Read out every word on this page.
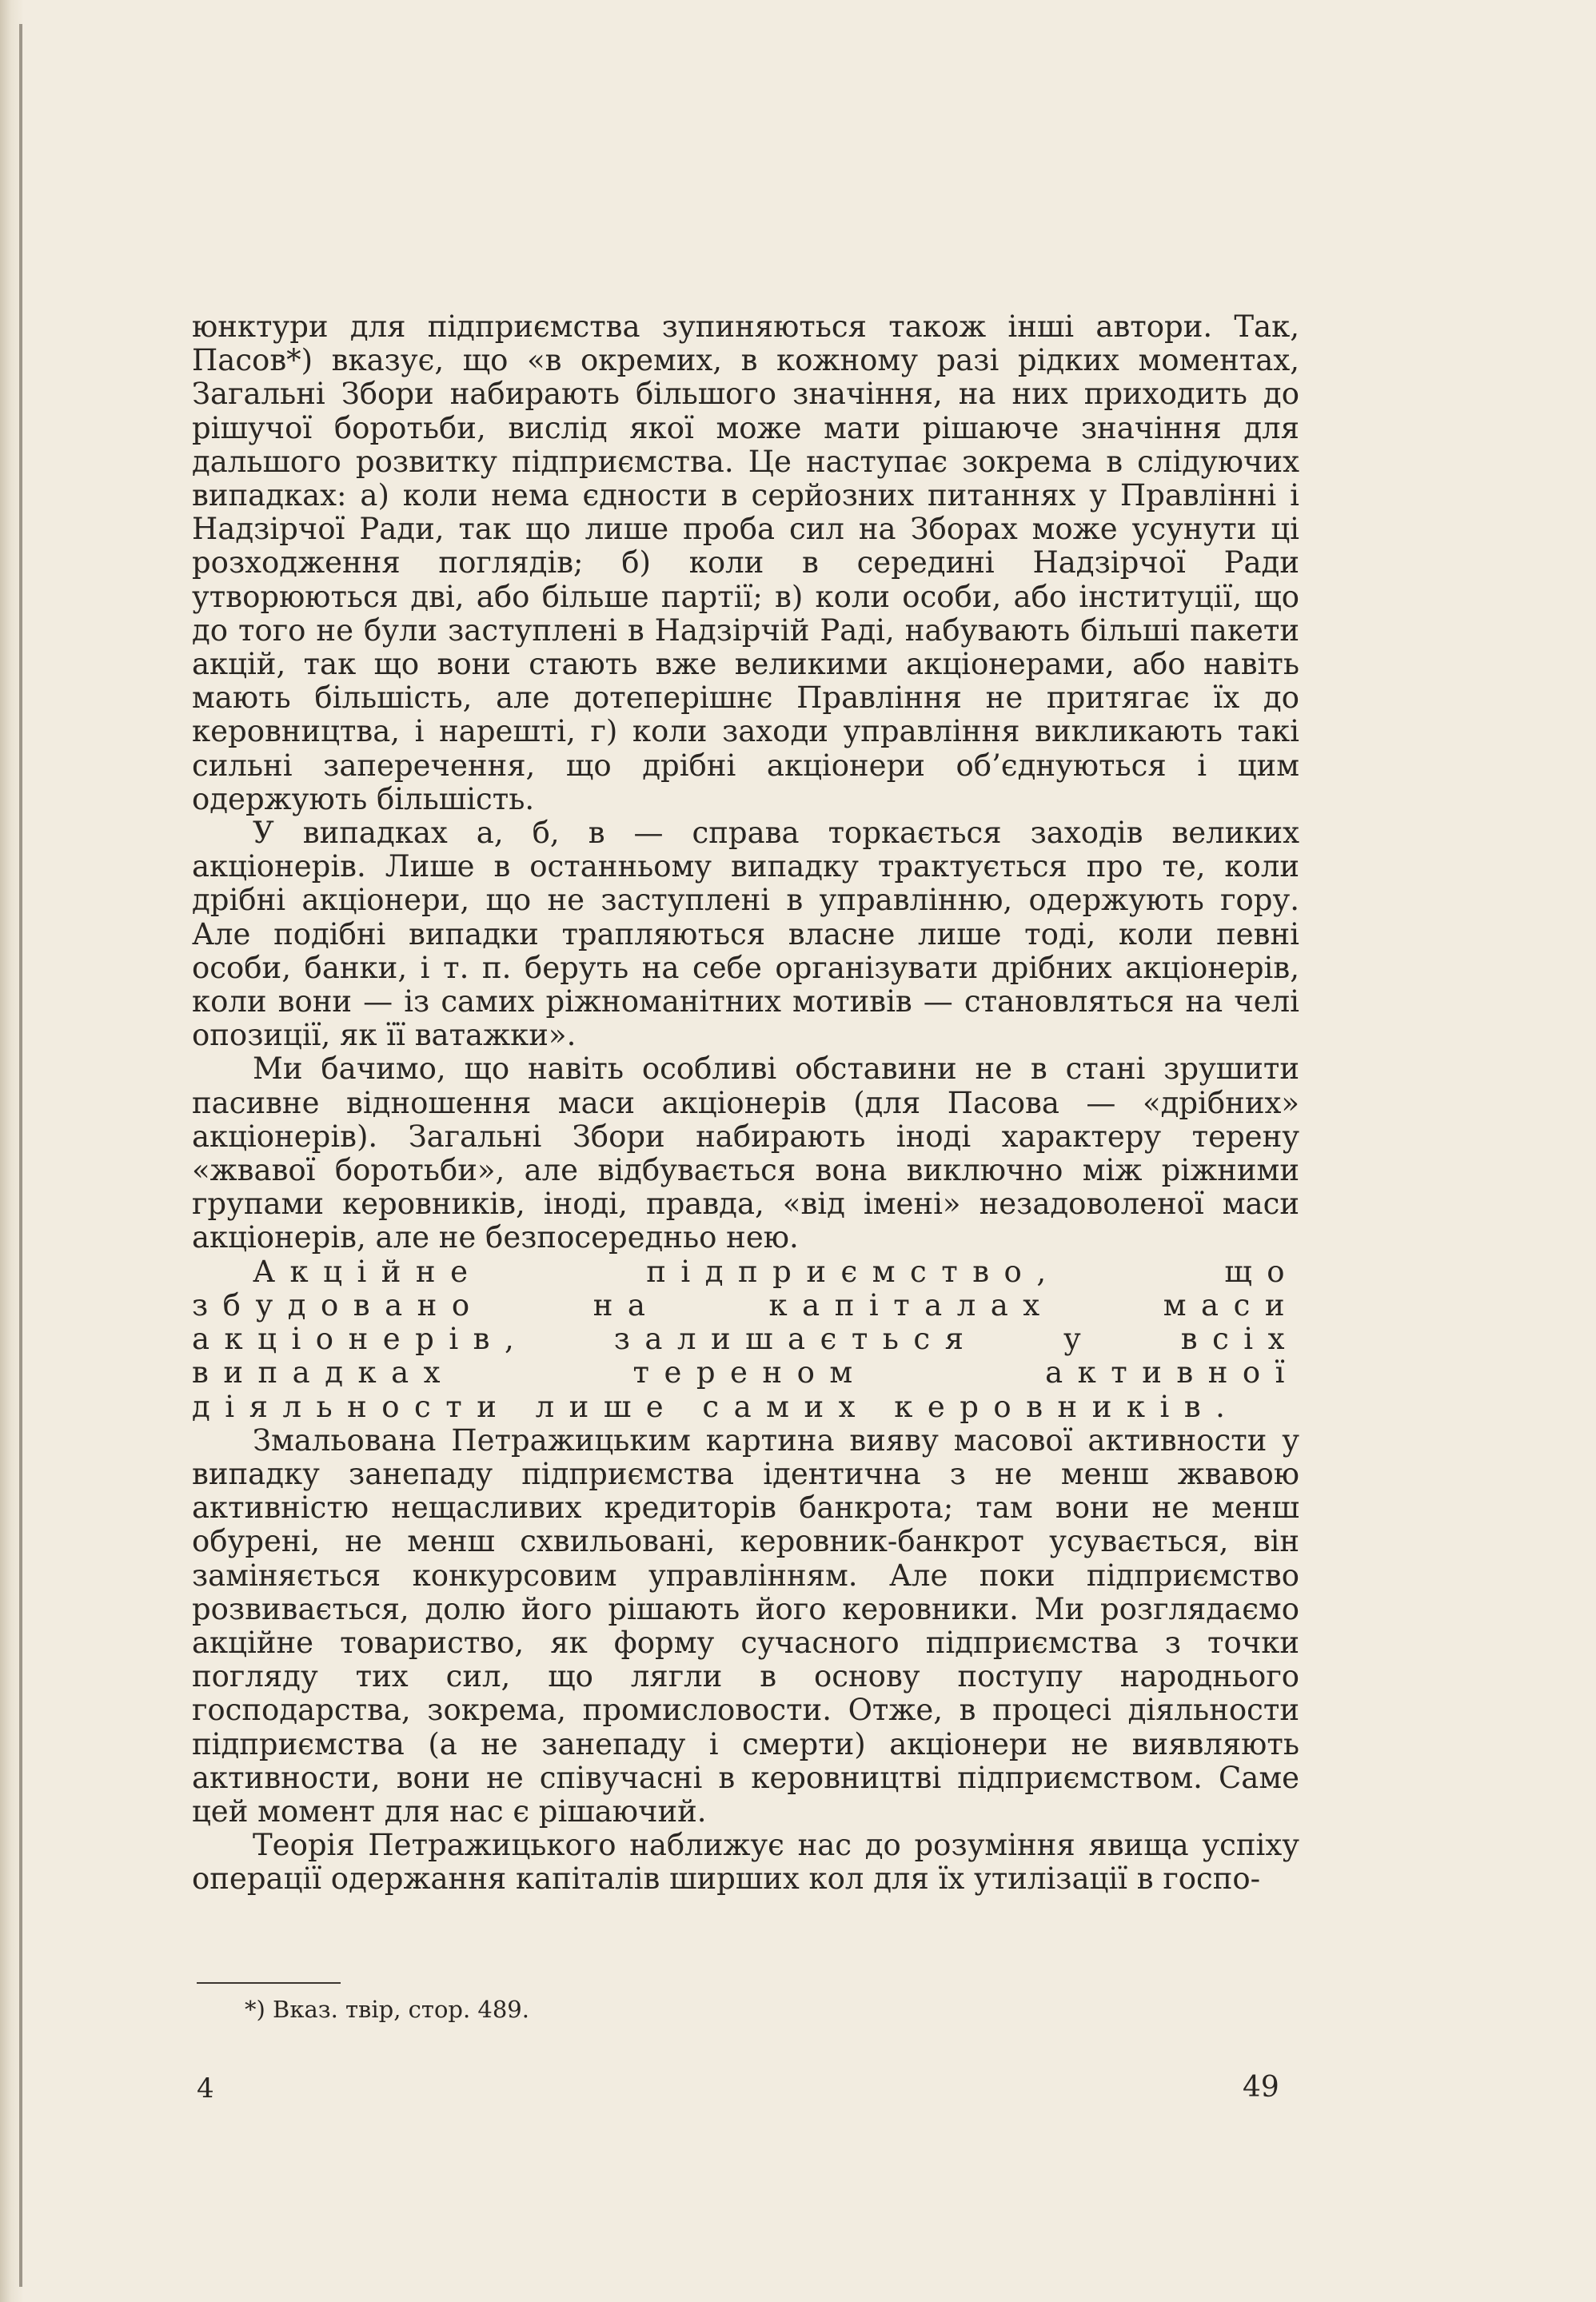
юнктури для підприємства зупиняються також інші автори. Так, Пасов*) вказує, що «в окремих, в кожному разі рідких моментах, Загальні Збори набирають більшого значіння, на них приходить до рішучої боротьби, вислід якої може мати рішаюче значіння для дальшого розвитку підприємства. Це наступає зокрема в слідуючих випадках: а) коли нема єдности в серйозних питаннях у Правлінні і Надзірчої Ради, так що лише проба сил на Зборах може усунути ці розходження поглядів; б) коли в середині Надзірчої Ради утворюються дві, або більше партії; в) коли особи, або інституції, що до того не були заступлені в Надзірчій Раді, набувають більші пакети акцій, так що вони стають вже великими акціонерами, або навіть мають більшість, але дотеперішнє Правління не притягає їх до керовництва, і нарешті, г) коли заходи управління викликають такі сильні заперечення, що дрібні акціонери об’єднуються і цим одержують більшість.

У випадках а, б, в — справа торкається заходів великих акціонерів. Лише в останньому випадку трактується про те, коли дрібні акціонери, що не заступлені в управлінню, одержують гору. Але подібні випадки трапляються власне лише тоді, коли певні особи, банки, і т. п. беруть на себе організувати дрібних акціонерів, коли вони — із самих ріжноманітних мотивів — становляться на челі опозиції, як її ватажки».

Ми бачимо, що навіть особливі обставини не в стані зрушити пасивне відношення маси акціонерів (для Пасова — «дрібних» акціонерів). Загальні Збори набирають іноді характеру терену «жвавої боротьби», але відбувається вона виключно між ріжними групами керовників, іноді, правда, «від імені» незадоволеної маси акціонерів, але не безпосередньо нею.

Акційне підприємство, що збудовано на капіталах маси акціонерів, залишається у всіх випадках тереном активної діяльности лише самих керовників.

Змальована Петражицьким картина вияву масової активности у випадку занепаду підприємства ідентична з не менш жвавою активністю нещасливих кредиторів банкрота; там вони не менш обурені, не менш схвильовані, керовник-банкрот усувається, він заміняється конкурсовим управлінням. Але поки підприємство розвивається, долю його рішають його керовники. Ми розглядаємо акційне товариство, як форму сучасного підприємства з точки погляду тих сил, що лягли в основу поступу народнього господарства, зокрема, промисловости. Отже, в процесі діяльности підприємства (а не занепаду і смерти) акціонери не виявляють активности, вони не співучасні в керовництві підприємством. Саме цей момент для нас є рішаючий.

Теорія Петражицького наближує нас до розуміння явища успіху операції одержання капіталів ширших кол для їх утилізації в госпо-

*) Вказ. твір, стор. 489.
4	49
